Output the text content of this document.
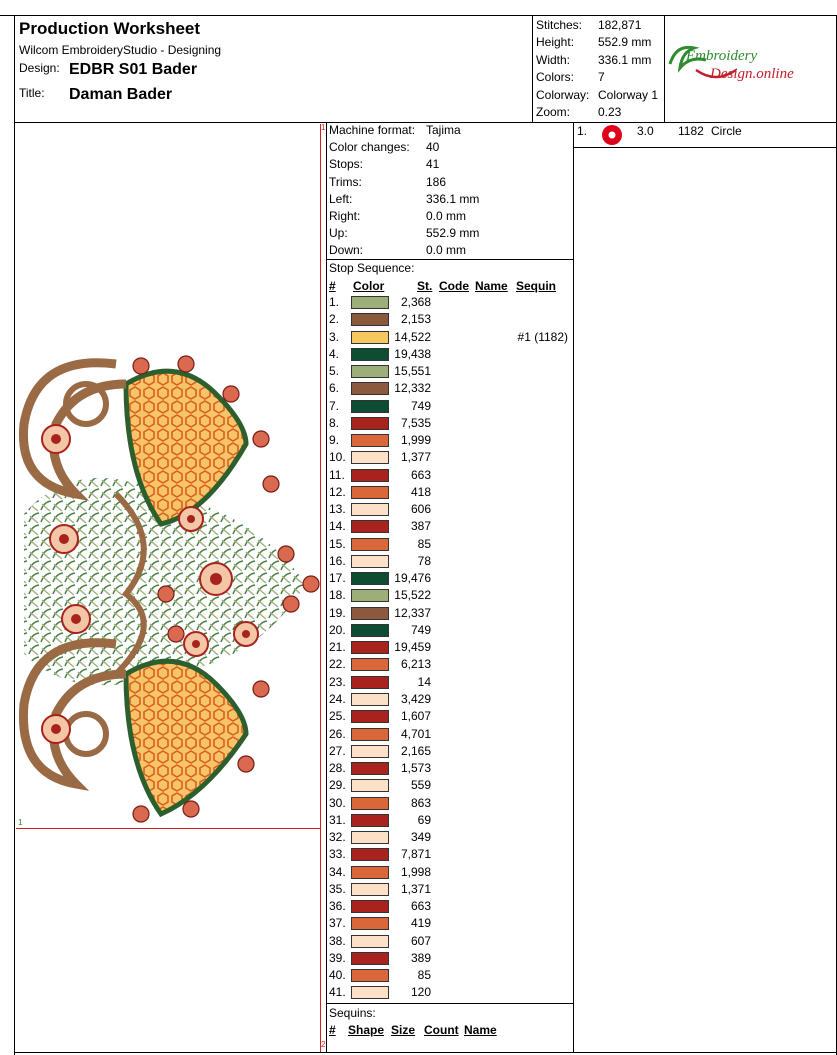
Production Worksheet
Wilcom EmbroideryStudio - Designing
Design: EDBR S01 Bader
Title: Daman Bader
Stitches: 182,871
Height: 552.9 mm
Width: 336.1 mm
Colors: 7
Colorway: Colorway 1
Zoom: 0.23
Embroidery
Design.online
1
1
2
Machine format: Tajima
Color changes: 40
Stops:	41
Trims:	186
Left:	336.1 mm
Right:	0.0 mm
Up:	552.9 mm
Down:	0.0 mm
Stop Sequence:
# Color	St. Code Name Sequin
1.	2,368
2.	2,153
3.	14,522	#1 (1182)
4.	19,438
5.	15,551
6.	12,332
7.	749
8.	7,535
9.	1,999
10.	1,377
11.	663
12.	418
13.	606
14.	387
15.	85
16.	78
17.	19,476
18.	15,522
19.	12,337
20.	749
21.	19,459
22.	6,213
23.	14
24.	3,429
25.	1,607
26.	4,701
27.	2,165
28.	1,573
29.	559
30.	863
31.	69
32.	349
33.	7,871
34.	1,998
35.	1,371
36.	663
37.	419
38.	607
39.	389
40.	85
41.	120
Sequins:
# Shape Size Count Name
1.	3.0 1182 Circle
